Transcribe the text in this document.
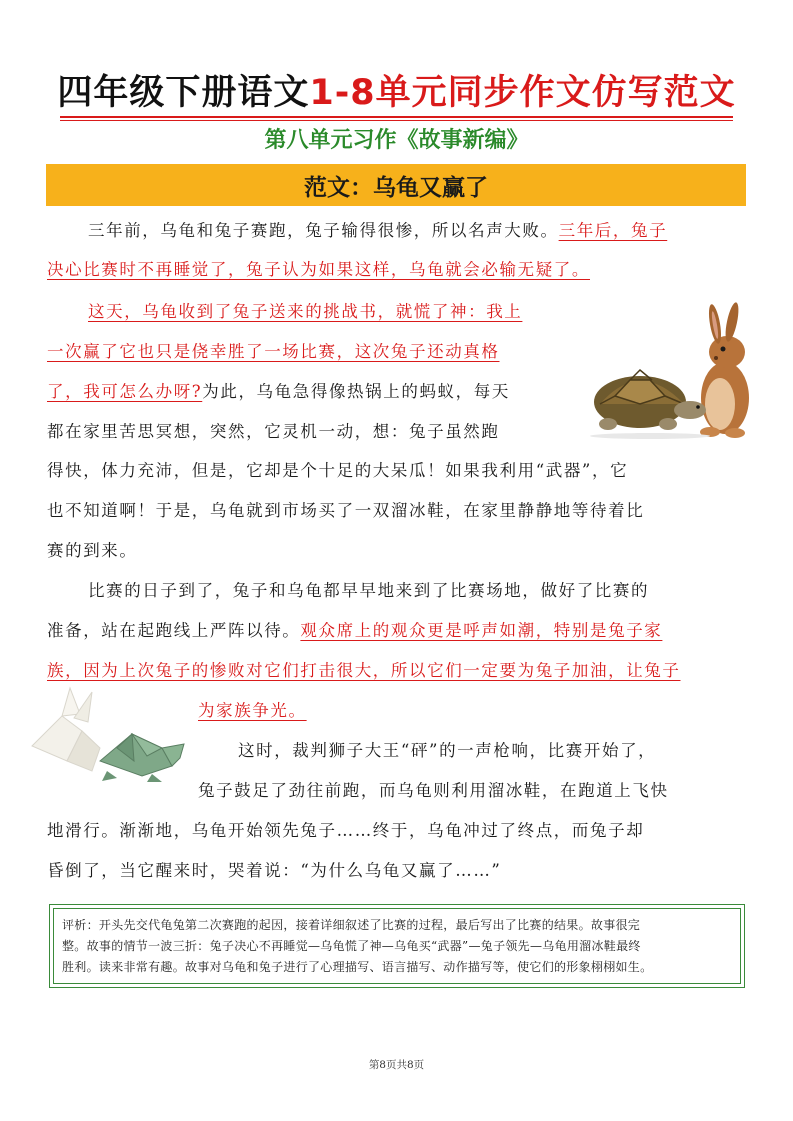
四年级下册语文1-8单元同步作文仿写范文
第八单元习作《故事新编》
范文：乌龟又赢了
三年前，乌龟和兔子赛跑，兔子输得很惨，所以名声大败。三年后，兔子
决心比赛时不再睡觉了，兔子认为如果这样，乌龟就会必输无疑了。
这天，乌龟收到了兔子送来的挑战书，就慌了神：我上
一次赢了它也只是侥幸胜了一场比赛，这次兔子还动真格
了，我可怎么办呀?为此，乌龟急得像热锅上的蚂蚁，每天
都在家里苦思冥想，突然，它灵机一动，想：兔子虽然跑
得快，体力充沛，但是，它却是个十足的大呆瓜！如果我利用“武器”，它
也不知道啊！于是，乌龟就到市场买了一双溜冰鞋，在家里静静地等待着比
赛的到来。
比赛的日子到了，兔子和乌龟都早早地来到了比赛场地，做好了比赛的
准备，站在起跑线上严阵以待。观众席上的观众更是呼声如潮，特别是兔子家
族，因为上次兔子的惨败对它们打击很大，所以它们一定要为兔子加油，让兔子
为家族争光。
这时，裁判狮子大王“砰”的一声枪响，比赛开始了，
兔子鼓足了劲往前跑，而乌龟则利用溜冰鞋，在跑道上飞快
地滑行。渐渐地，乌龟开始领先兔子……终于，乌龟冲过了终点，而兔子却
昏倒了，当它醒来时，哭着说：“为什么乌龟又赢了……”
评析：开头先交代龟兔第二次赛跑的起因，接着详细叙述了比赛的过程，最后写出了比赛的结果。故事很完
整。故事的情节一波三折：兔子决心不再睡觉—乌龟慌了神—乌龟买“武器”—兔子领先—乌龟用溜冰鞋最终
胜利。读来非常有趣。故事对乌龟和兔子进行了心理描写、语言描写、动作描写等，使它们的形象栩栩如生。
第8页共8页
